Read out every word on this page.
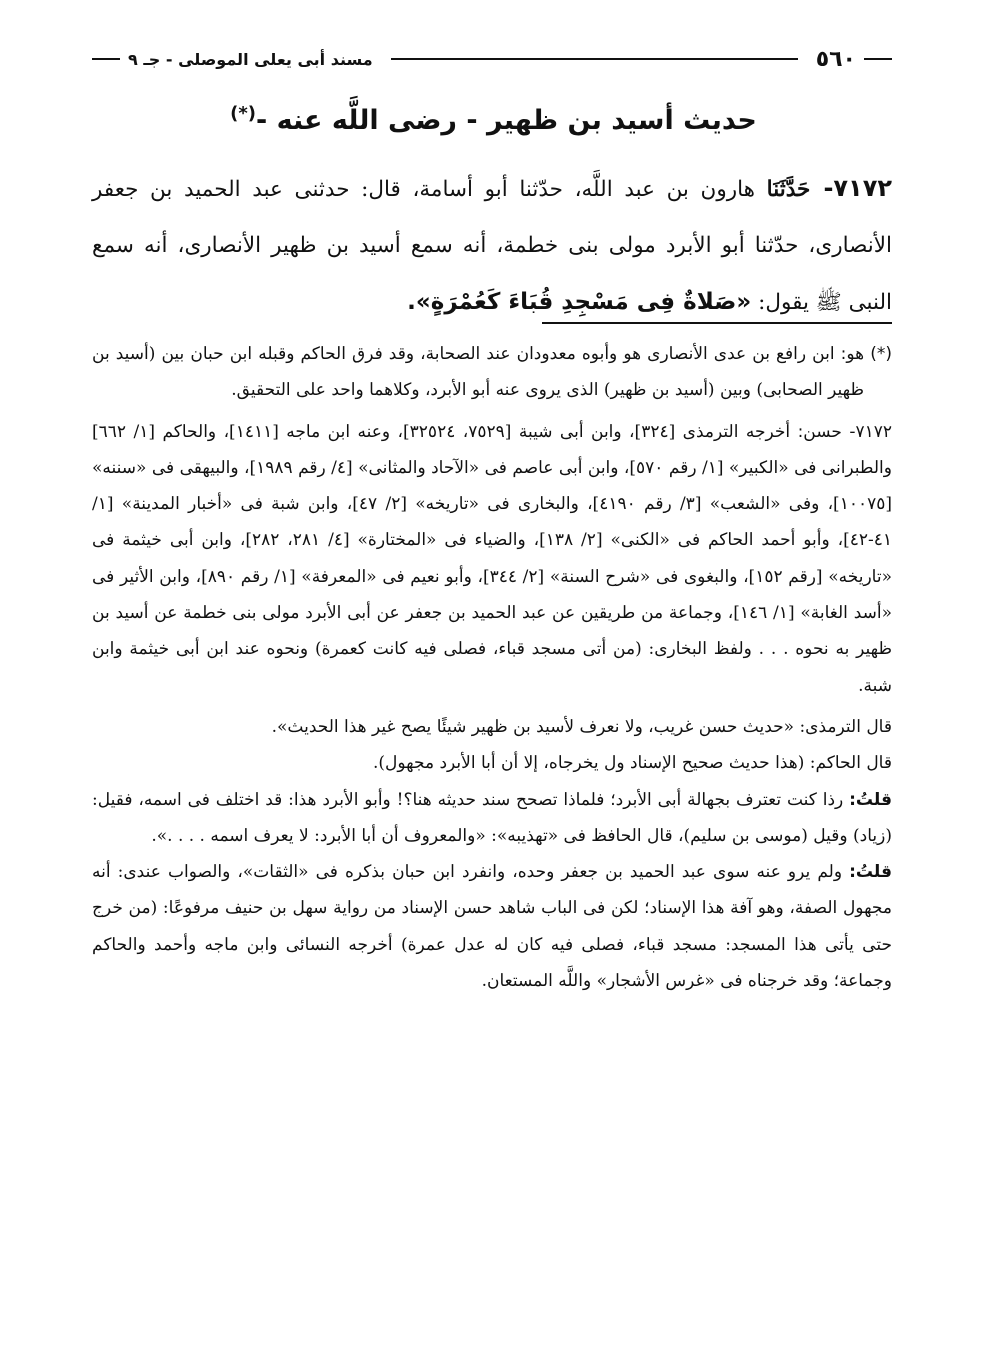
٥٦٠
مسند أبى يعلى الموصلى - جـ ٩
حديث أسيد بن ظهير - رضى اللَّه عنه -(*)
٧١٧٢- حَدَّثَنَا هارون بن عبد اللَّه، حدّثنا أبو أسامة، قال: حدثنى عبد الحميد بن جعفر الأنصارى، حدّثنا أبو الأبرد مولى بنى خطمة، أنه سمع أسيد بن ظهير الأنصارى، أنه سمع النبى ﷺ يقول: «صَلاةٌ فِى مَسْجِدِ قُبَاءَ كَعُمْرَةٍ».

(*) هو: ابن رافع بن عدى الأنصارى هو وأبوه معدودان عند الصحابة، وقد فرق الحاكم وقبله ابن حبان بين (أسيد بن ظهير الصحابى) وبين (أسيد بن ظهير) الذى يروى عنه أبو الأبرد، وكلاهما واحد على التحقيق.

٧١٧٢- حسن: أخرجه الترمذى [٣٢٤]، وابن أبى شيبة [٧٥٢٩، ٣٢٥٢٤]، وعنه ابن ماجه [١٤١١]، والحاكم [١/ ٦٦٢] والطبرانى فى «الكبير» [١/ رقم ٥٧٠]، وابن أبى عاصم فى «الآحاد والمثانى» [٤/ رقم ١٩٨٩]، والبيهقى فى «سننه» [١٠٠٧٥]، وفى «الشعب» [٣/ رقم ٤١٩٠]، والبخارى فى «تاريخه» [٢/ ٤٧]، وابن شبة فى «أخبار المدينة» [١/ ٤١-٤٢]، وأبو أحمد الحاكم فى «الكنى» [٢/ ١٣٨]، والضياء فى «المختارة» [٤/ ٢٨١، ٢٨٢]، وابن أبى خيثمة فى «تاريخه» [رقم ١٥٢]، والبغوى فى «شرح السنة» [٢/ ٣٤٤]، وأبو نعيم فى «المعرفة» [١/ رقم ٨٩٠]، وابن الأثير فى «أسد الغابة» [١/ ١٤٦]، وجماعة من طريقين عن عبد الحميد بن جعفر عن أبى الأبرد مولى بنى خطمة عن أسيد بن ظهير به نحوه . . . ولفظ البخارى: (من أتى مسجد قباء، فصلى فيه كانت كعمرة) ونحوه عند ابن أبى خيثمة وابن شبة.

قال الترمذى: «حديث حسن غريب، ولا نعرف لأسيد بن ظهير شيئًا يصح غير هذا الحديث».

قال الحاكم: (هذا حديث صحيح الإسناد ول يخرجاه، إلا أن أبا الأبرد مجهول).

قلتُ: رذا كنت تعترف بجهالة أبى الأبرد؛ فلماذا تصحح سند حديثه هنا؟! وأبو الأبرد هذا: قد اختلف فى اسمه، فقيل: (زياد) وقيل (موسى بن سليم)، قال الحافظ فى «تهذيبه»: «والمعروف أن أبا الأبرد: لا يعرف اسمه . . . .».

قلتُ: ولم يرو عنه سوى عبد الحميد بن جعفر وحده، وانفرد ابن حبان بذكره فى «الثقات»، والصواب عندى: أنه مجهول الصفة، وهو آفة هذا الإسناد؛ لكن فى الباب شاهد حسن الإسناد من رواية سهل بن حنيف مرفوعًا: (من خرج حتى يأتى هذا المسجد: مسجد قباء، فصلى فيه كان له عدل عمرة) أخرجه النسائى وابن ماجه وأحمد والحاكم وجماعة؛ وقد خرجناه فى «غرس الأشجار» واللَّه المستعان.
